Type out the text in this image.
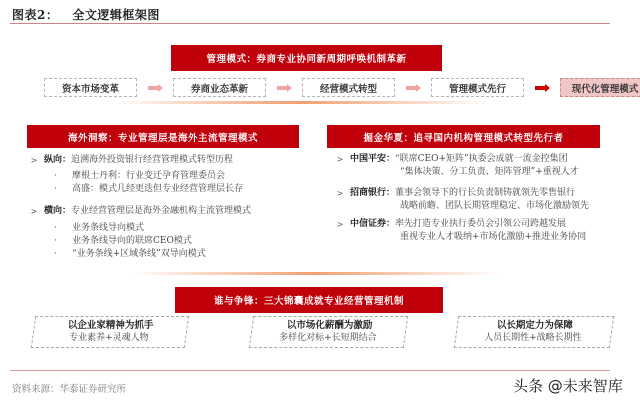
图表2： 全文逻辑框架图
管理模式：券商专业协同新周期呼唤机制革新
资本市场变革	券商业态革新	经营模式转型	管理模式先行	现代化管理模式
海外洞察：专业管理层是海外主流管理模式	掘金华夏：追寻国内机构管理模式转型先行者
> 纵向： 追溯海外投资银行经营管理模式转型历程
·	摩根士丹利：行业变迁孕育管理委员会
·	高盛：模式几经更迭但专业经营管理层长存
> 横向： 专业经营管理层是海外金融机构主流管理模式
·	业务条线导向模式
·	业务条线导向的联席CEO模式
·	“业务条线+区域条线”双导向模式
> 中国平安： “联席CEO+矩阵”执委会成就一流金控集团
“集体决策、分工负责、矩阵管理”+重视人才
> 招商银行： 董事会领导下的行长负责制铸就领先零售银行
战略前瞻、团队长期管理稳定、市场化激励领先
> 中信证券： 率先打造专业执行委员会引领公司跨越发展
重视专业人才吸纳+市场化激励+推进业务协同
谁与争锋：三大锦囊成就专业经营管理机制
以企业家精神为抓手
专业素养+灵魂人物
以市场化薪酬为激励
多样化对标+长短期结合
以长期定力为保障
人员长期性+战略长期性
资料来源：华泰证券研究所	头条 @未来智库
